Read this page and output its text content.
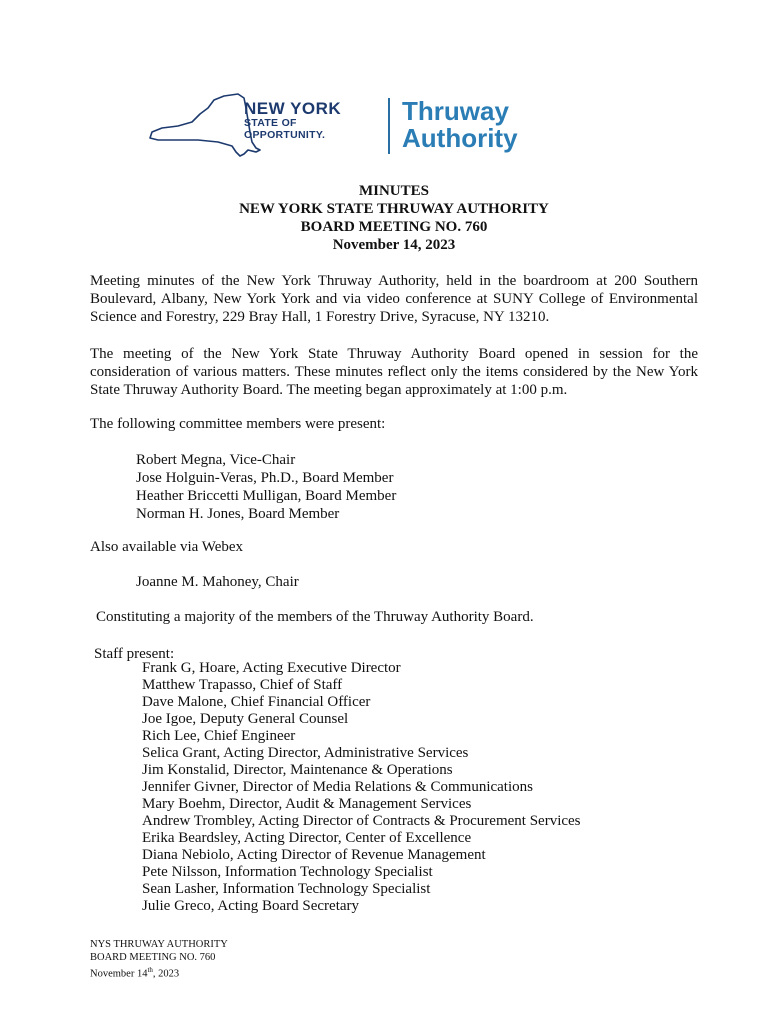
NEW YORK
STATE OF
OPPORTUNITY.
Thruway
Authority
MINUTES
NEW YORK STATE THRUWAY AUTHORITY
BOARD MEETING NO. 760
November 14, 2023
Meeting minutes of the New York Thruway Authority, held in the boardroom at 200 Southern Boulevard, Albany, New York York and via video conference at SUNY College of Environmental Science and Forestry, 229 Bray Hall, 1 Forestry Drive, Syracuse, NY 13210.
The meeting of the New York State Thruway Authority Board opened in session for the consideration of various matters. These minutes reflect only the items considered by the New York State Thruway Authority Board. The meeting began approximately at 1:00 p.m.
The following committee members were present:
Robert Megna, Vice-Chair
Jose Holguin-Veras, Ph.D., Board Member
Heather Briccetti Mulligan, Board Member
Norman H. Jones, Board Member
Also available via Webex
Joanne M. Mahoney, Chair
Constituting a majority of the members of the Thruway Authority Board.
Staff present:
Frank G, Hoare, Acting Executive Director
Matthew Trapasso, Chief of Staff
Dave Malone, Chief Financial Officer
Joe Igoe, Deputy General Counsel
Rich Lee, Chief Engineer
Selica Grant, Acting Director, Administrative Services
Jim Konstalid, Director, Maintenance & Operations
Jennifer Givner, Director of Media Relations & Communications
Mary Boehm, Director, Audit & Management Services
Andrew Trombley, Acting Director of Contracts & Procurement Services
Erika Beardsley, Acting Director, Center of Excellence
Diana Nebiolo, Acting Director of Revenue Management
Pete Nilsson, Information Technology Specialist
Sean Lasher, Information Technology Specialist
Julie Greco, Acting Board Secretary
NYS THRUWAY AUTHORITY
BOARD MEETING NO. 760
November 14th, 2023
